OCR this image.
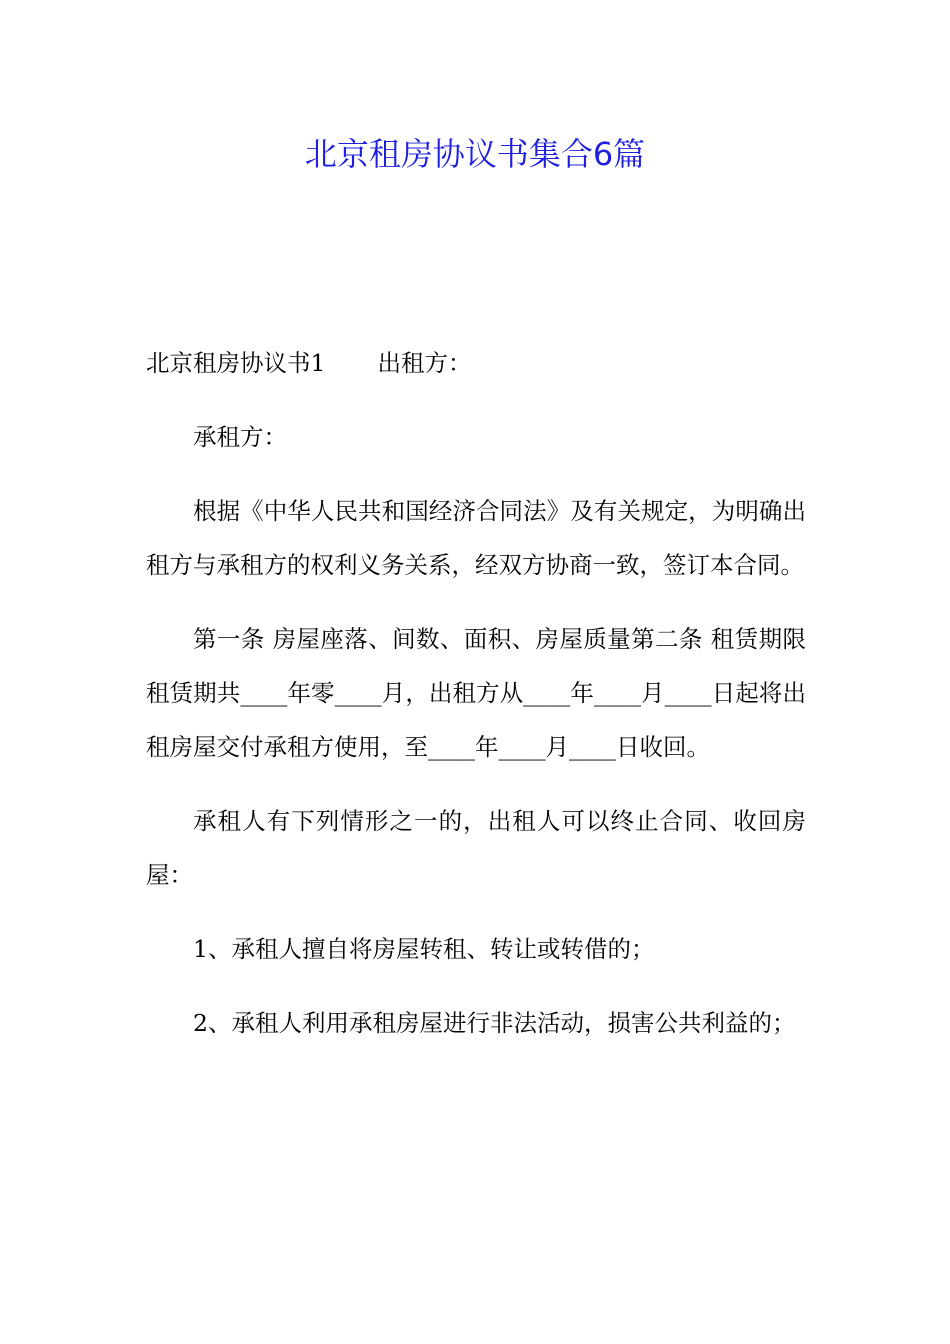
北京租房协议书集合6篇

北京租房协议书1 出租方：

承租方：

根据《中华人民共和国经济合同法》及有关规定，为明确出租方与承租方的权利义务关系，经双方协商一致，签订本合同。

第一条 房屋座落、间数、面积、房屋质量第二条 租赁期限租赁期共____年零____月，出租方从____年____月____日起将出租房屋交付承租方使用，至____年____月____日收回。

承租人有下列情形之一的，出租人可以终止合同、收回房屋：

1、承租人擅自将房屋转租、转让或转借的；

2、承租人利用承租房屋进行非法活动，损害公共利益的；
